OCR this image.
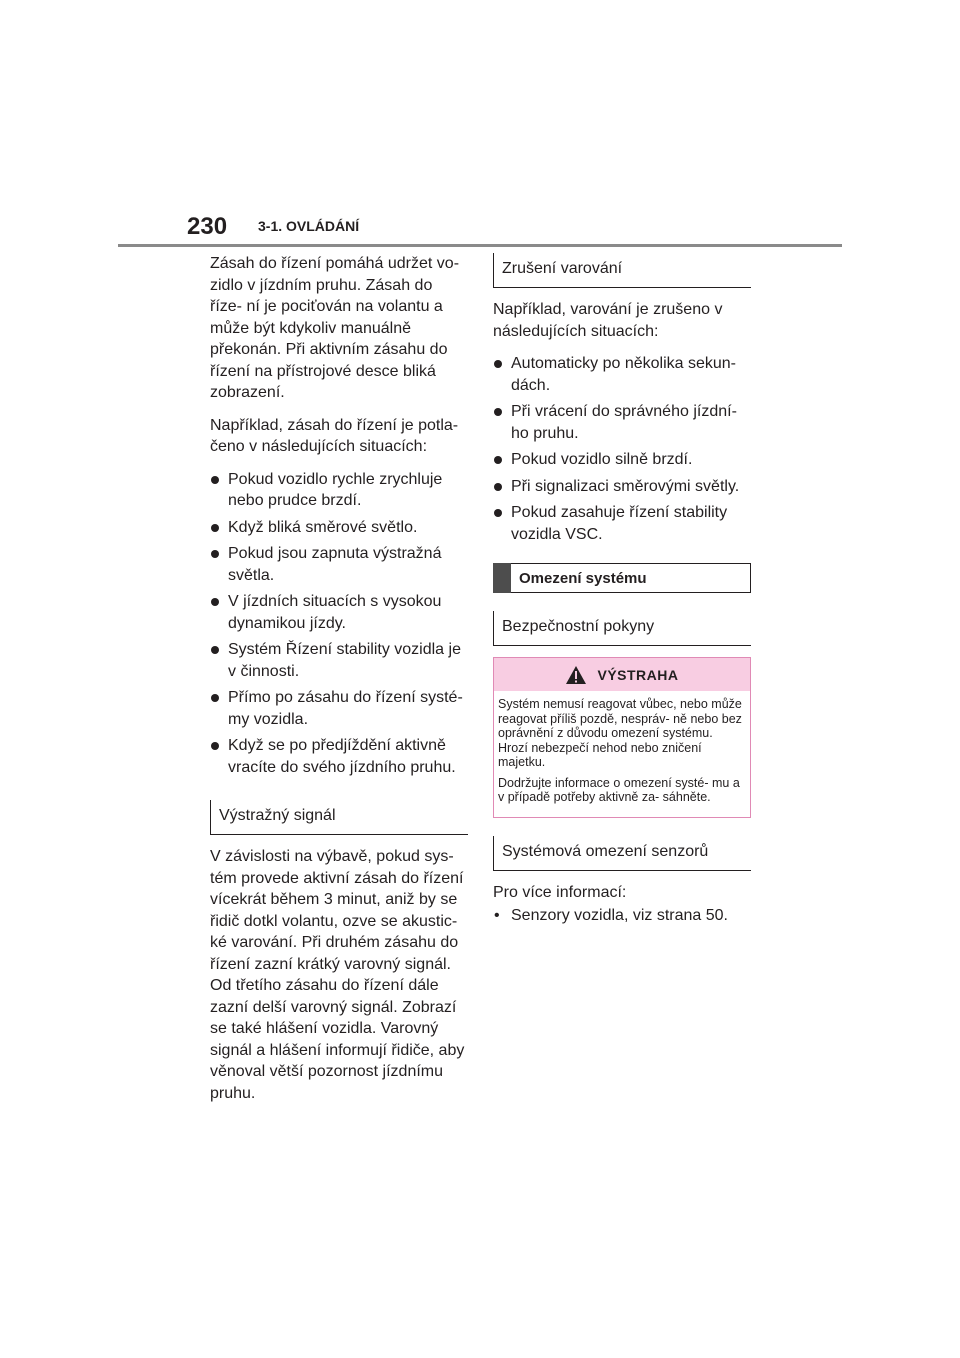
230 3-1. OVLÁDÁNÍ

Zásah do řízení pomáhá udržet vo- zidlo v jízdním pruhu. Zásah do říze- ní je pociťován na volantu a může být kdykoliv manuálně překonán. Při aktivním zásahu do řízení na přístrojové desce bliká zobrazení.

Například, zásah do řízení je potla- čeno v následujících situacích:

Pokud vozidlo rychle zrychluje nebo prudce brzdí.
Když bliká směrové světlo.
Pokud jsou zapnuta výstražná světla.
V jízdních situacích s vysokou dynamikou jízdy.
Systém Řízení stability vozidla je v činnosti.
Přímo po zásahu do řízení systé- my vozidla.
Když se po předjíždění aktivně vracíte do svého jízdního pruhu.
Výstražný signál

V závislosti na výbavě, pokud sys- tém provede aktivní zásah do řízení vícekrát během 3 minut, aniž by se řidič dotkl volantu, ozve se akustic- ké varování. Při druhém zásahu do řízení zazní krátký varovný signál. Od třetího zásahu do řízení dále zazní delší varovný signál. Zobrazí se také hlášení vozidla. Varovný signál a hlášení informují řidiče, aby věnoval větší pozornost jízdnímu pruhu.

Zrušení varování

Například, varování je zrušeno v následujících situacích:

Automaticky po několika sekun- dách.
Při vrácení do správného jízdní- ho pruhu.
Pokud vozidlo silně brzdí.
Při signalizaci směrovými světly.
Pokud zasahuje řízení stability vozidla VSC.
Omezení systému
Bezpečnostní pokyny
VÝSTRAHA

Systém nemusí reagovat vůbec, nebo může reagovat příliš pozdě, nespráv- ně nebo bez oprávnění z důvodu omezení systému. Hrozí nebezpečí nehod nebo zničení majetku.

Dodržujte informace o omezení systé- mu a v případě potřeby aktivně za- sáhněte.

Systémová omezení senzorů

Pro více informací:

• Senzory vozidla, viz strana 50.
